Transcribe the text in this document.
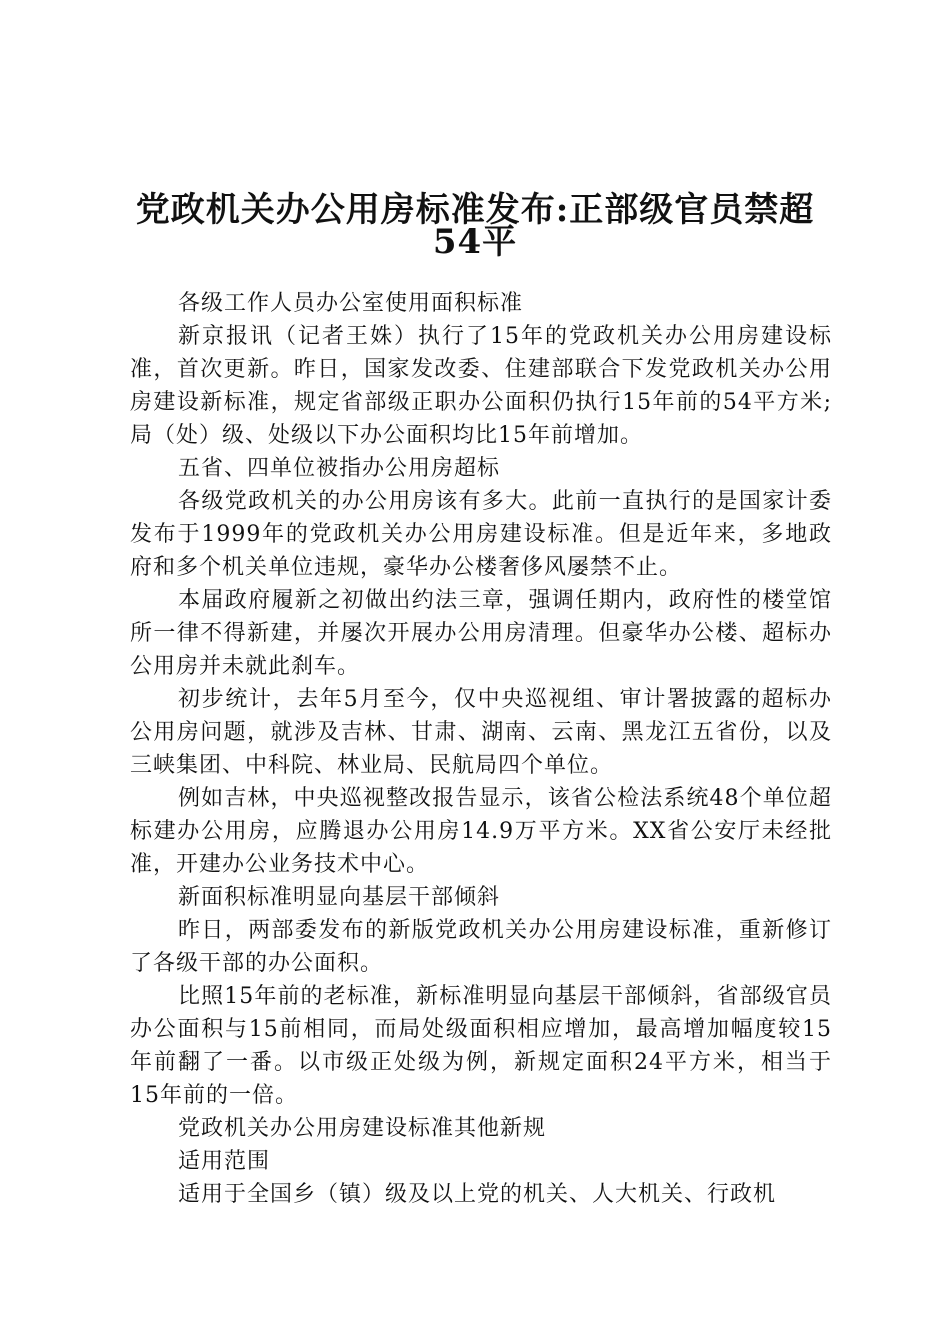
党政机关办公用房标准发布:正部级官员禁超
54平

各级工作人员办公室使用面积标准

新京报讯（记者王姝）执行了15年的党政机关办公用房建设标准，首次更新。昨日，国家发改委、住建部联合下发党政机关办公用房建设新标准，规定省部级正职办公面积仍执行15年前的54平方米;局（处）级、处级以下办公面积均比15年前增加。

五省、四单位被指办公用房超标

各级党政机关的办公用房该有多大。此前一直执行的是国家计委发布于1999年的党政机关办公用房建设标准。但是近年来，多地政府和多个机关单位违规，豪华办公楼奢侈风屡禁不止。

本届政府履新之初做出约法三章，强调任期内，政府性的楼堂馆所一律不得新建，并屡次开展办公用房清理。但豪华办公楼、超标办公用房并未就此刹车。

初步统计，去年5月至今，仅中央巡视组、审计署披露的超标办公用房问题，就涉及吉林、甘肃、湖南、云南、黑龙江五省份，以及三峡集团、中科院、林业局、民航局四个单位。

例如吉林，中央巡视整改报告显示，该省公检法系统48个单位超标建办公用房，应腾退办公用房14.9万平方米。XX省公安厅未经批准，开建办公业务技术中心。

新面积标准明显向基层干部倾斜

昨日，两部委发布的新版党政机关办公用房建设标准，重新修订了各级干部的办公面积。

比照15年前的老标准，新标准明显向基层干部倾斜，省部级官员办公面积与15前相同，而局处级面积相应增加，最高增加幅度较15年前翻了一番。以市级正处级为例，新规定面积24平方米，相当于15年前的一倍。

党政机关办公用房建设标准其他新规

适用范围

适用于全国乡（镇）级及以上党的机关、人大机关、行政机
